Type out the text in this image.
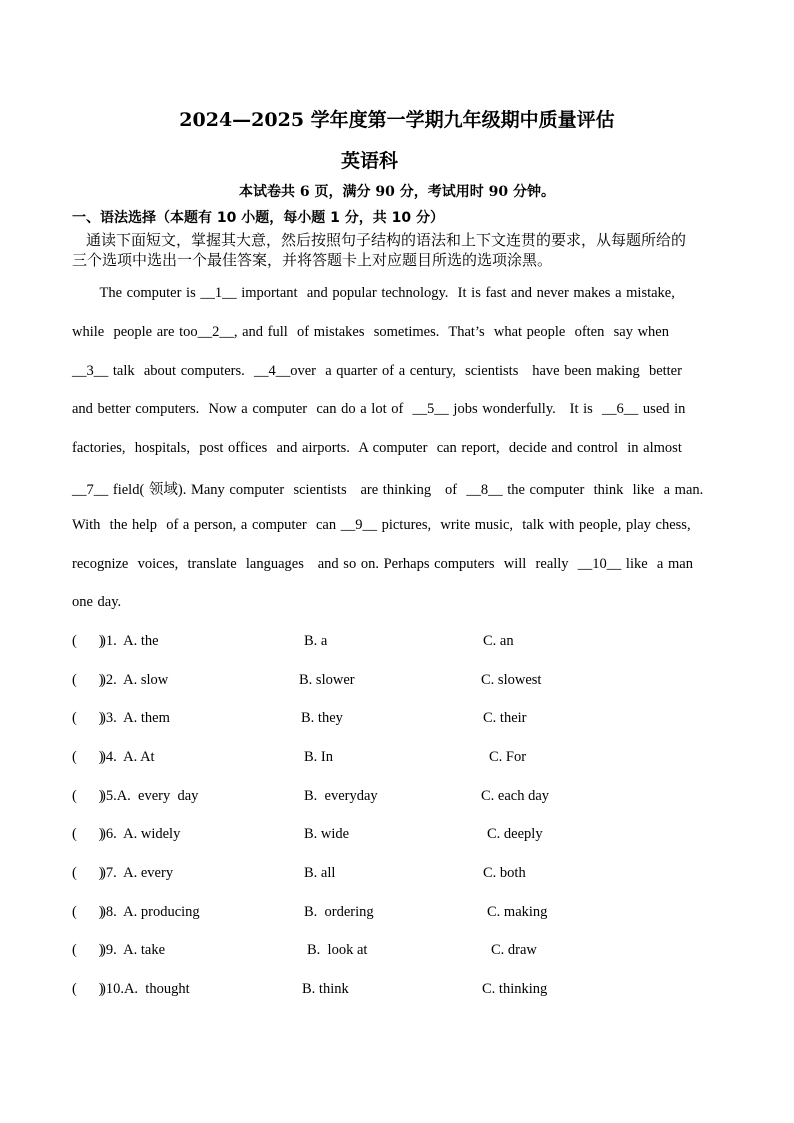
2024—2025 学年度第一学期九年级期中质量评估
英语科
本试卷共 6 页，满分 90 分，考试用时 90 分钟。
一、语法选择（本题有 10 小题，每小题 1 分，共 10 分）
通读下面短文，掌握其大意，然后按照句子结构的语法和上下文连贯的要求，从每题所给的
三个选项中选出一个最佳答案，并将答题卡上对应题目所选的选项涂黑。
The computer is __1__ important  and popular technology.  It is fast and never makes a mistake,
while  people are too__2__, and full  of mistakes  sometimes.  That’s  what people  often  say when
__3__ talk  about computers.  __4__over  a quarter of a century,  scientists   have been making  better
and better computers.  Now a computer  can do a lot of  __5__ jobs wonderfully.   It is  __6__ used in
factories,  hospitals,  post offices  and airports.  A computer  can report,  decide and control  in almost
__7__ field( 领域). Many computer  scientists   are thinking   of  __8__ the computer  think  like  a man.
With  the help  of a person, a computer  can __9__ pictures,  write music,  talk with people, play chess,
recognize  voices,  translate  languages   and so on. Perhaps computers  will  really  __10__ like  a man
one day.
(      )
)1.  A. the	B. a	C. an
(      )
)2.  A. slow	B. slower	C. slowest
(      )
)3.  A. them	B. they	C. their
(      )
)4.  A. At	B. In	C. For
(      )
)5.A.  every  day	B.  everyday	C. each day
(      )
)6.  A. widely	B. wide	C. deeply
(      )
)7.  A. every	B. all	C. both
(      )
)8.  A. producing	B.  ordering	C. making
(      )
)9.  A. take	B.  look at	C. draw
(      )
)10.A.  thought	B. think	C. thinking
